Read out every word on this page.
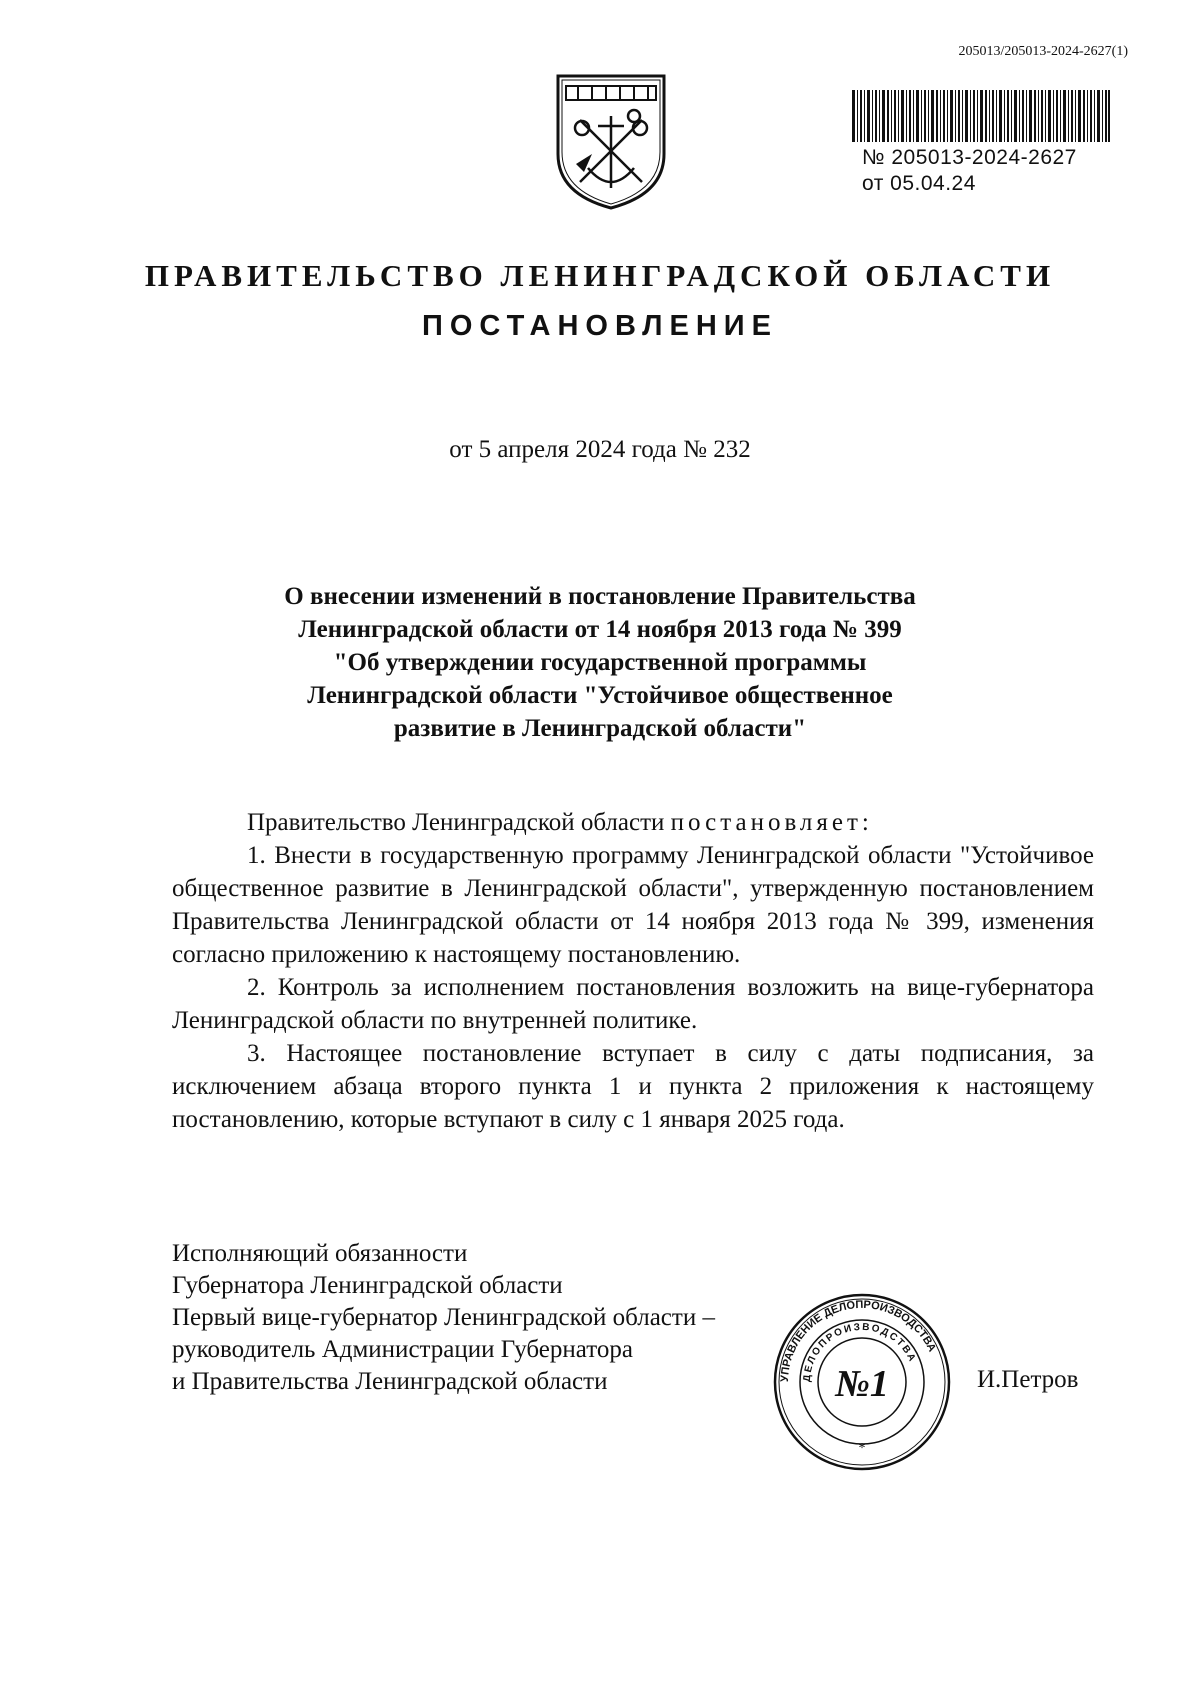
205013/205013-2024-2627(1)
№ 205013-2024-2627
от 05.04.24
ПРАВИТЕЛЬСТВО ЛЕНИНГРАДСКОЙ ОБЛАСТИ
ПОСТАНОВЛЕНИЕ
от 5 апреля 2024 года № 232
О внесении изменений в постановление Правительства
Ленинградской области от 14 ноября 2013 года № 399
"Об утверждении государственной программы
Ленинградской области "Устойчивое общественное
развитие в Ленинградской области"

Правительство Ленинградской области постановляет:

1. Внести в государственную программу Ленинградской области "Устойчивое общественное развитие в Ленинградской области", утвержденную постановлением Правительства Ленинградской области от 14 ноября 2013 года № 399, изменения согласно приложению к настоящему постановлению.

2. Контроль за исполнением постановления возложить на вице-губернатора Ленинградской области по внутренней политике.

3. Настоящее постановление вступает в силу с даты подписания, за исключением абзаца второго пункта 1 и пункта 2 приложения к настоящему постановлению, которые вступают в силу с 1 января 2025 года.

Исполняющий обязанности
Губернатора Ленинградской области
Первый вице-губернатор Ленинградской области –
руководитель Администрации Губернатора
и Правительства Ленинградской области	УПРАВЛЕНИЕ ДЕЛОПРОИЗВОДСТВА
ДЕЛОПРОИЗВОДСТВА
№1
*
И.Петров
